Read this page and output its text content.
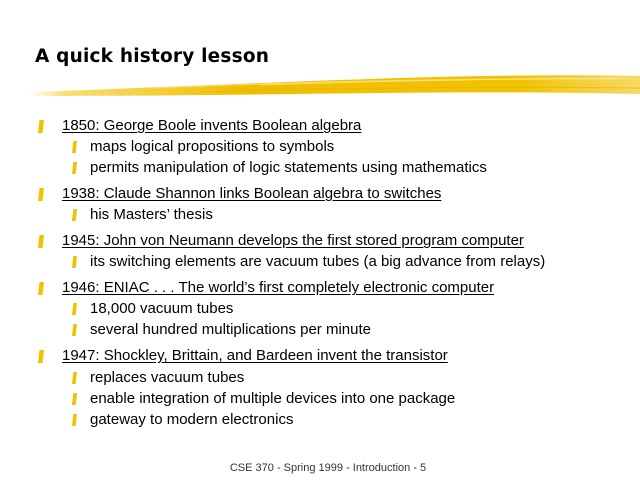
A quick history lesson
1850: George Boole invents Boolean algebra
maps logical propositions to symbols
permits manipulation of logic statements using mathematics
1938: Claude Shannon links Boolean algebra to switches
his Masters’ thesis
1945: John von Neumann develops the first stored program computer
its switching elements are vacuum tubes (a big advance from relays)
1946: ENIAC . . . The world’s first completely electronic computer
18,000 vacuum tubes
several hundred multiplications per minute
1947: Shockley, Brittain, and Bardeen invent the transistor
replaces vacuum tubes
enable integration of multiple devices into one package
gateway to modern electronics
CSE 370 - Spring 1999 - Introduction - 5
